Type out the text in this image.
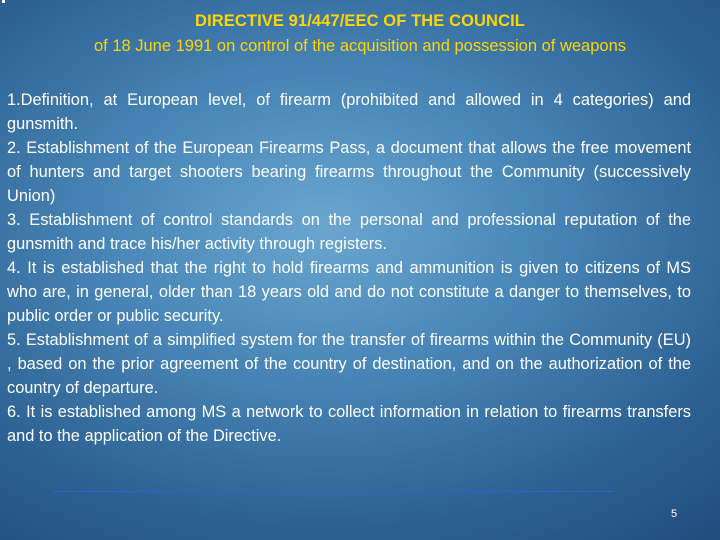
DIRECTIVE 91/447/EEC OF THE COUNCIL
of 18 June 1991 on control of the acquisition and possession of weapons
1.Definition, at European level, of firearm (prohibited and allowed in 4 categories) and gunsmith.
2. Establishment of the European Firearms Pass, a document that allows the free movement of hunters and target shooters bearing firearms throughout the Community (successively Union)
3. Establishment of control standards on the personal and professional reputation of the gunsmith and trace his/her activity through registers.
4. It is established that the right to hold firearms and ammunition is given to citizens of MS who are, in general, older than 18 years old and do not constitute a danger to themselves, to public order or public security.
5. Establishment of a simplified system for the transfer of firearms within the Community (EU) , based on the prior agreement of the country of destination, and on the authorization of the country of departure.
6. It is established among MS a network to collect information in relation to firearms transfers and to the application of the Directive.
5
